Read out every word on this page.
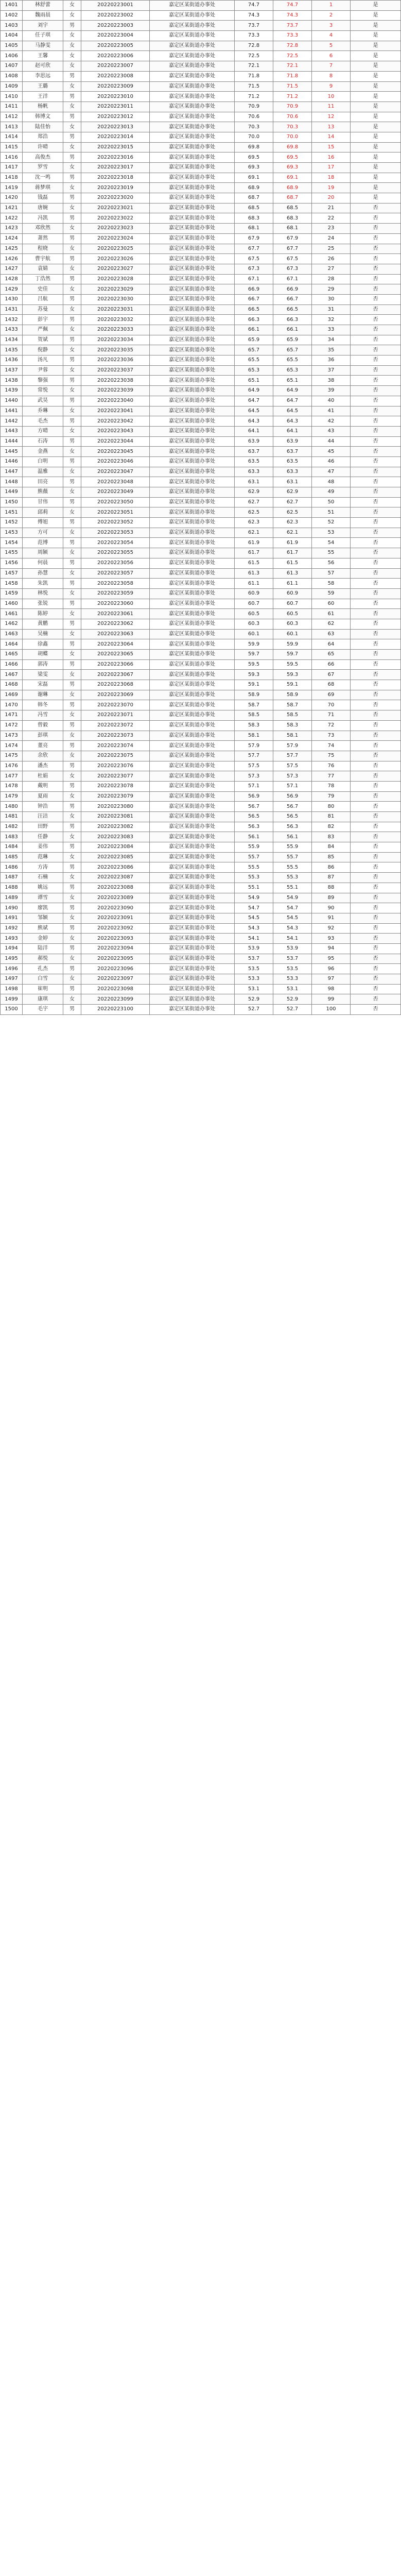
1401	林舒蕾	女	20220223001	嘉定区某街道办事处	74.7	74.7	1	是
1402	魏雨晨	女	20220223002	嘉定区某街道办事处	74.3	74.3	2	是
1403	刘宇	男	20220223003	嘉定区某街道办事处	73.7	73.7	3	是
1404	任子琪	女	20220223004	嘉定区某街道办事处	73.3	73.3	4	是
1405	马静雯	女	20220223005	嘉定区某街道办事处	72.8	72.8	5	是
1406	王馨	女	20220223006	嘉定区某街道办事处	72.5	72.5	6	是
1407	赵可欣	女	20220223007	嘉定区某街道办事处	72.1	72.1	7	是
1408	李思远	男	20220223008	嘉定区某街道办事处	71.8	71.8	8	是
1409	王璐	女	20220223009	嘉定区某街道办事处	71.5	71.5	9	是
1410	王洋	男	20220223010	嘉定区某街道办事处	71.2	71.2	10	是
1411	杨帆	女	20220223011	嘉定区某街道办事处	70.9	70.9	11	是
1412	韩博文	男	20220223012	嘉定区某街道办事处	70.6	70.6	12	是
1413	陆佳怡	女	20220223013	嘉定区某街道办事处	70.3	70.3	13	是
1414	郑浩	男	20220223014	嘉定区某街道办事处	70.0	70.0	14	是
1415	许晴	女	20220223015	嘉定区某街道办事处	69.8	69.8	15	是
1416	高俊杰	男	20220223016	嘉定区某街道办事处	69.5	69.5	16	是
1417	罗雪	女	20220223017	嘉定区某街道办事处	69.3	69.3	17	是
1418	沈一鸣	男	20220223018	嘉定区某街道办事处	69.1	69.1	18	是
1419	蒋梦琪	女	20220223019	嘉定区某街道办事处	68.9	68.9	19	是
1420	钱磊	男	20220223020	嘉定区某街道办事处	68.7	68.7	20	是
1421	唐婉	女	20220223021	嘉定区某街道办事处	68.5	68.5	21	否
1422	冯凯	男	20220223022	嘉定区某街道办事处	68.3	68.3	22	否
1423	邓欣然	女	20220223023	嘉定区某街道办事处	68.1	68.1	23	否
1424	萧然	男	20220223024	嘉定区某街道办事处	67.9	67.9	24	否
1425	程晓	女	20220223025	嘉定区某街道办事处	67.7	67.7	25	否
1426	曹宇航	男	20220223026	嘉定区某街道办事处	67.5	67.5	26	否
1427	袁婧	女	20220223027	嘉定区某街道办事处	67.3	67.3	27	否
1428	丁浩然	男	20220223028	嘉定区某街道办事处	67.1	67.1	28	否
1429	史佳	女	20220223029	嘉定区某街道办事处	66.9	66.9	29	否
1430	吕航	男	20220223030	嘉定区某街道办事处	66.7	66.7	30	否
1431	苏曼	女	20220223031	嘉定区某街道办事处	66.5	66.5	31	否
1432	彭宇	男	20220223032	嘉定区某街道办事处	66.3	66.3	32	否
1433	严佩	女	20220223033	嘉定区某街道办事处	66.1	66.1	33	否
1434	贺斌	男	20220223034	嘉定区某街道办事处	65.9	65.9	34	否
1435	倪静	女	20220223035	嘉定区某街道办事处	65.7	65.7	35	否
1436	汤凡	男	20220223036	嘉定区某街道办事处	65.5	65.5	36	否
1437	尹蓉	女	20220223037	嘉定区某街道办事处	65.3	65.3	37	否
1438	黎强	男	20220223038	嘉定区某街道办事处	65.1	65.1	38	否
1439	常悦	女	20220223039	嘉定区某街道办事处	64.9	64.9	39	否
1440	武昊	男	20220223040	嘉定区某街道办事处	64.7	64.7	40	否
1441	乔琳	女	20220223041	嘉定区某街道办事处	64.5	64.5	41	否
1442	毛杰	男	20220223042	嘉定区某街道办事处	64.3	64.3	42	否
1443	方晴	女	20220223043	嘉定区某街道办事处	64.1	64.1	43	否
1444	石涛	男	20220223044	嘉定区某街道办事处	63.9	63.9	44	否
1445	金燕	女	20220223045	嘉定区某街道办事处	63.7	63.7	45	否
1446	白明	男	20220223046	嘉定区某街道办事处	63.5	63.5	46	否
1447	温雅	女	20220223047	嘉定区某街道办事处	63.3	63.3	47	否
1448	田亮	男	20220223048	嘉定区某街道办事处	63.1	63.1	48	否
1449	熊薇	女	20220223049	嘉定区某街道办事处	62.9	62.9	49	否
1450	甘伟	男	20220223050	嘉定区某街道办事处	62.7	62.7	50	否
1451	邱莉	女	20220223051	嘉定区某街道办事处	62.5	62.5	51	否
1452	傅旭	男	20220223052	嘉定区某街道办事处	62.3	62.3	52	否
1453	方可	女	20220223053	嘉定区某街道办事处	62.1	62.1	53	否
1454	范博	男	20220223054	嘉定区某街道办事处	61.9	61.9	54	否
1455	周颖	女	20220223055	嘉定区某街道办事处	61.7	61.7	55	否
1456	何晨	男	20220223056	嘉定区某街道办事处	61.5	61.5	56	否
1457	孙慧	女	20220223057	嘉定区某街道办事处	61.3	61.3	57	否
1458	朱凯	男	20220223058	嘉定区某街道办事处	61.1	61.1	58	否
1459	林悦	女	20220223059	嘉定区某街道办事处	60.9	60.9	59	否
1460	张锐	男	20220223060	嘉定区某街道办事处	60.7	60.7	60	否
1461	陈婷	女	20220223061	嘉定区某街道办事处	60.5	60.5	61	否
1462	黄鹏	男	20220223062	嘉定区某街道办事处	60.3	60.3	62	否
1463	吴楠	女	20220223063	嘉定区某街道办事处	60.1	60.1	63	否
1464	徐鑫	男	20220223064	嘉定区某街道办事处	59.9	59.9	64	否
1465	胡蝶	女	20220223065	嘉定区某街道办事处	59.7	59.7	65	否
1466	郭涛	男	20220223066	嘉定区某街道办事处	59.5	59.5	66	否
1467	梁雯	女	20220223067	嘉定区某街道办事处	59.3	59.3	67	否
1468	宋磊	男	20220223068	嘉定区某街道办事处	59.1	59.1	68	否
1469	谢琳	女	20220223069	嘉定区某街道办事处	58.9	58.9	69	否
1470	韩冬	男	20220223070	嘉定区某街道办事处	58.7	58.7	70	否
1471	冯雪	女	20220223071	嘉定区某街道办事处	58.5	58.5	71	否
1472	曾毅	男	20220223072	嘉定区某街道办事处	58.3	58.3	72	否
1473	彭琪	女	20220223073	嘉定区某街道办事处	58.1	58.1	73	否
1474	董亮	男	20220223074	嘉定区某街道办事处	57.9	57.9	74	否
1475	余欣	女	20220223075	嘉定区某街道办事处	57.7	57.7	75	否
1476	潘杰	男	20220223076	嘉定区某街道办事处	57.5	57.5	76	否
1477	杜娟	女	20220223077	嘉定区某街道办事处	57.3	57.3	77	否
1478	戴明	男	20220223078	嘉定区某街道办事处	57.1	57.1	78	否
1479	夏雨	女	20220223079	嘉定区某街道办事处	56.9	56.9	79	否
1480	钟浩	男	20220223080	嘉定区某街道办事处	56.7	56.7	80	否
1481	汪洁	女	20220223081	嘉定区某街道办事处	56.5	56.5	81	否
1482	田野	男	20220223082	嘉定区某街道办事处	56.3	56.3	82	否
1483	任静	女	20220223083	嘉定区某街道办事处	56.1	56.1	83	否
1484	姜伟	男	20220223084	嘉定区某街道办事处	55.9	55.9	84	否
1485	范琳	女	20220223085	嘉定区某街道办事处	55.7	55.7	85	否
1486	方涛	男	20220223086	嘉定区某街道办事处	55.5	55.5	86	否
1487	石楠	女	20220223087	嘉定区某街道办事处	55.3	55.3	87	否
1488	姚远	男	20220223088	嘉定区某街道办事处	55.1	55.1	88	否
1489	谭雪	女	20220223089	嘉定区某街道办事处	54.9	54.9	89	否
1490	廖凯	男	20220223090	嘉定区某街道办事处	54.7	54.7	90	否
1491	邹颖	女	20220223091	嘉定区某街道办事处	54.5	54.5	91	否
1492	熊斌	男	20220223092	嘉定区某街道办事处	54.3	54.3	92	否
1493	金婷	女	20220223093	嘉定区某街道办事处	54.1	54.1	93	否
1494	陆洋	男	20220223094	嘉定区某街道办事处	53.9	53.9	94	否
1495	郝悦	女	20220223095	嘉定区某街道办事处	53.7	53.7	95	否
1496	孔杰	男	20220223096	嘉定区某街道办事处	53.5	53.5	96	否
1497	白雪	女	20220223097	嘉定区某街道办事处	53.3	53.3	97	否
1498	崔明	男	20220223098	嘉定区某街道办事处	53.1	53.1	98	否
1499	康琪	女	20220223099	嘉定区某街道办事处	52.9	52.9	99	否
1500	毛宇	男	20220223100	嘉定区某街道办事处	52.7	52.7	100	否
